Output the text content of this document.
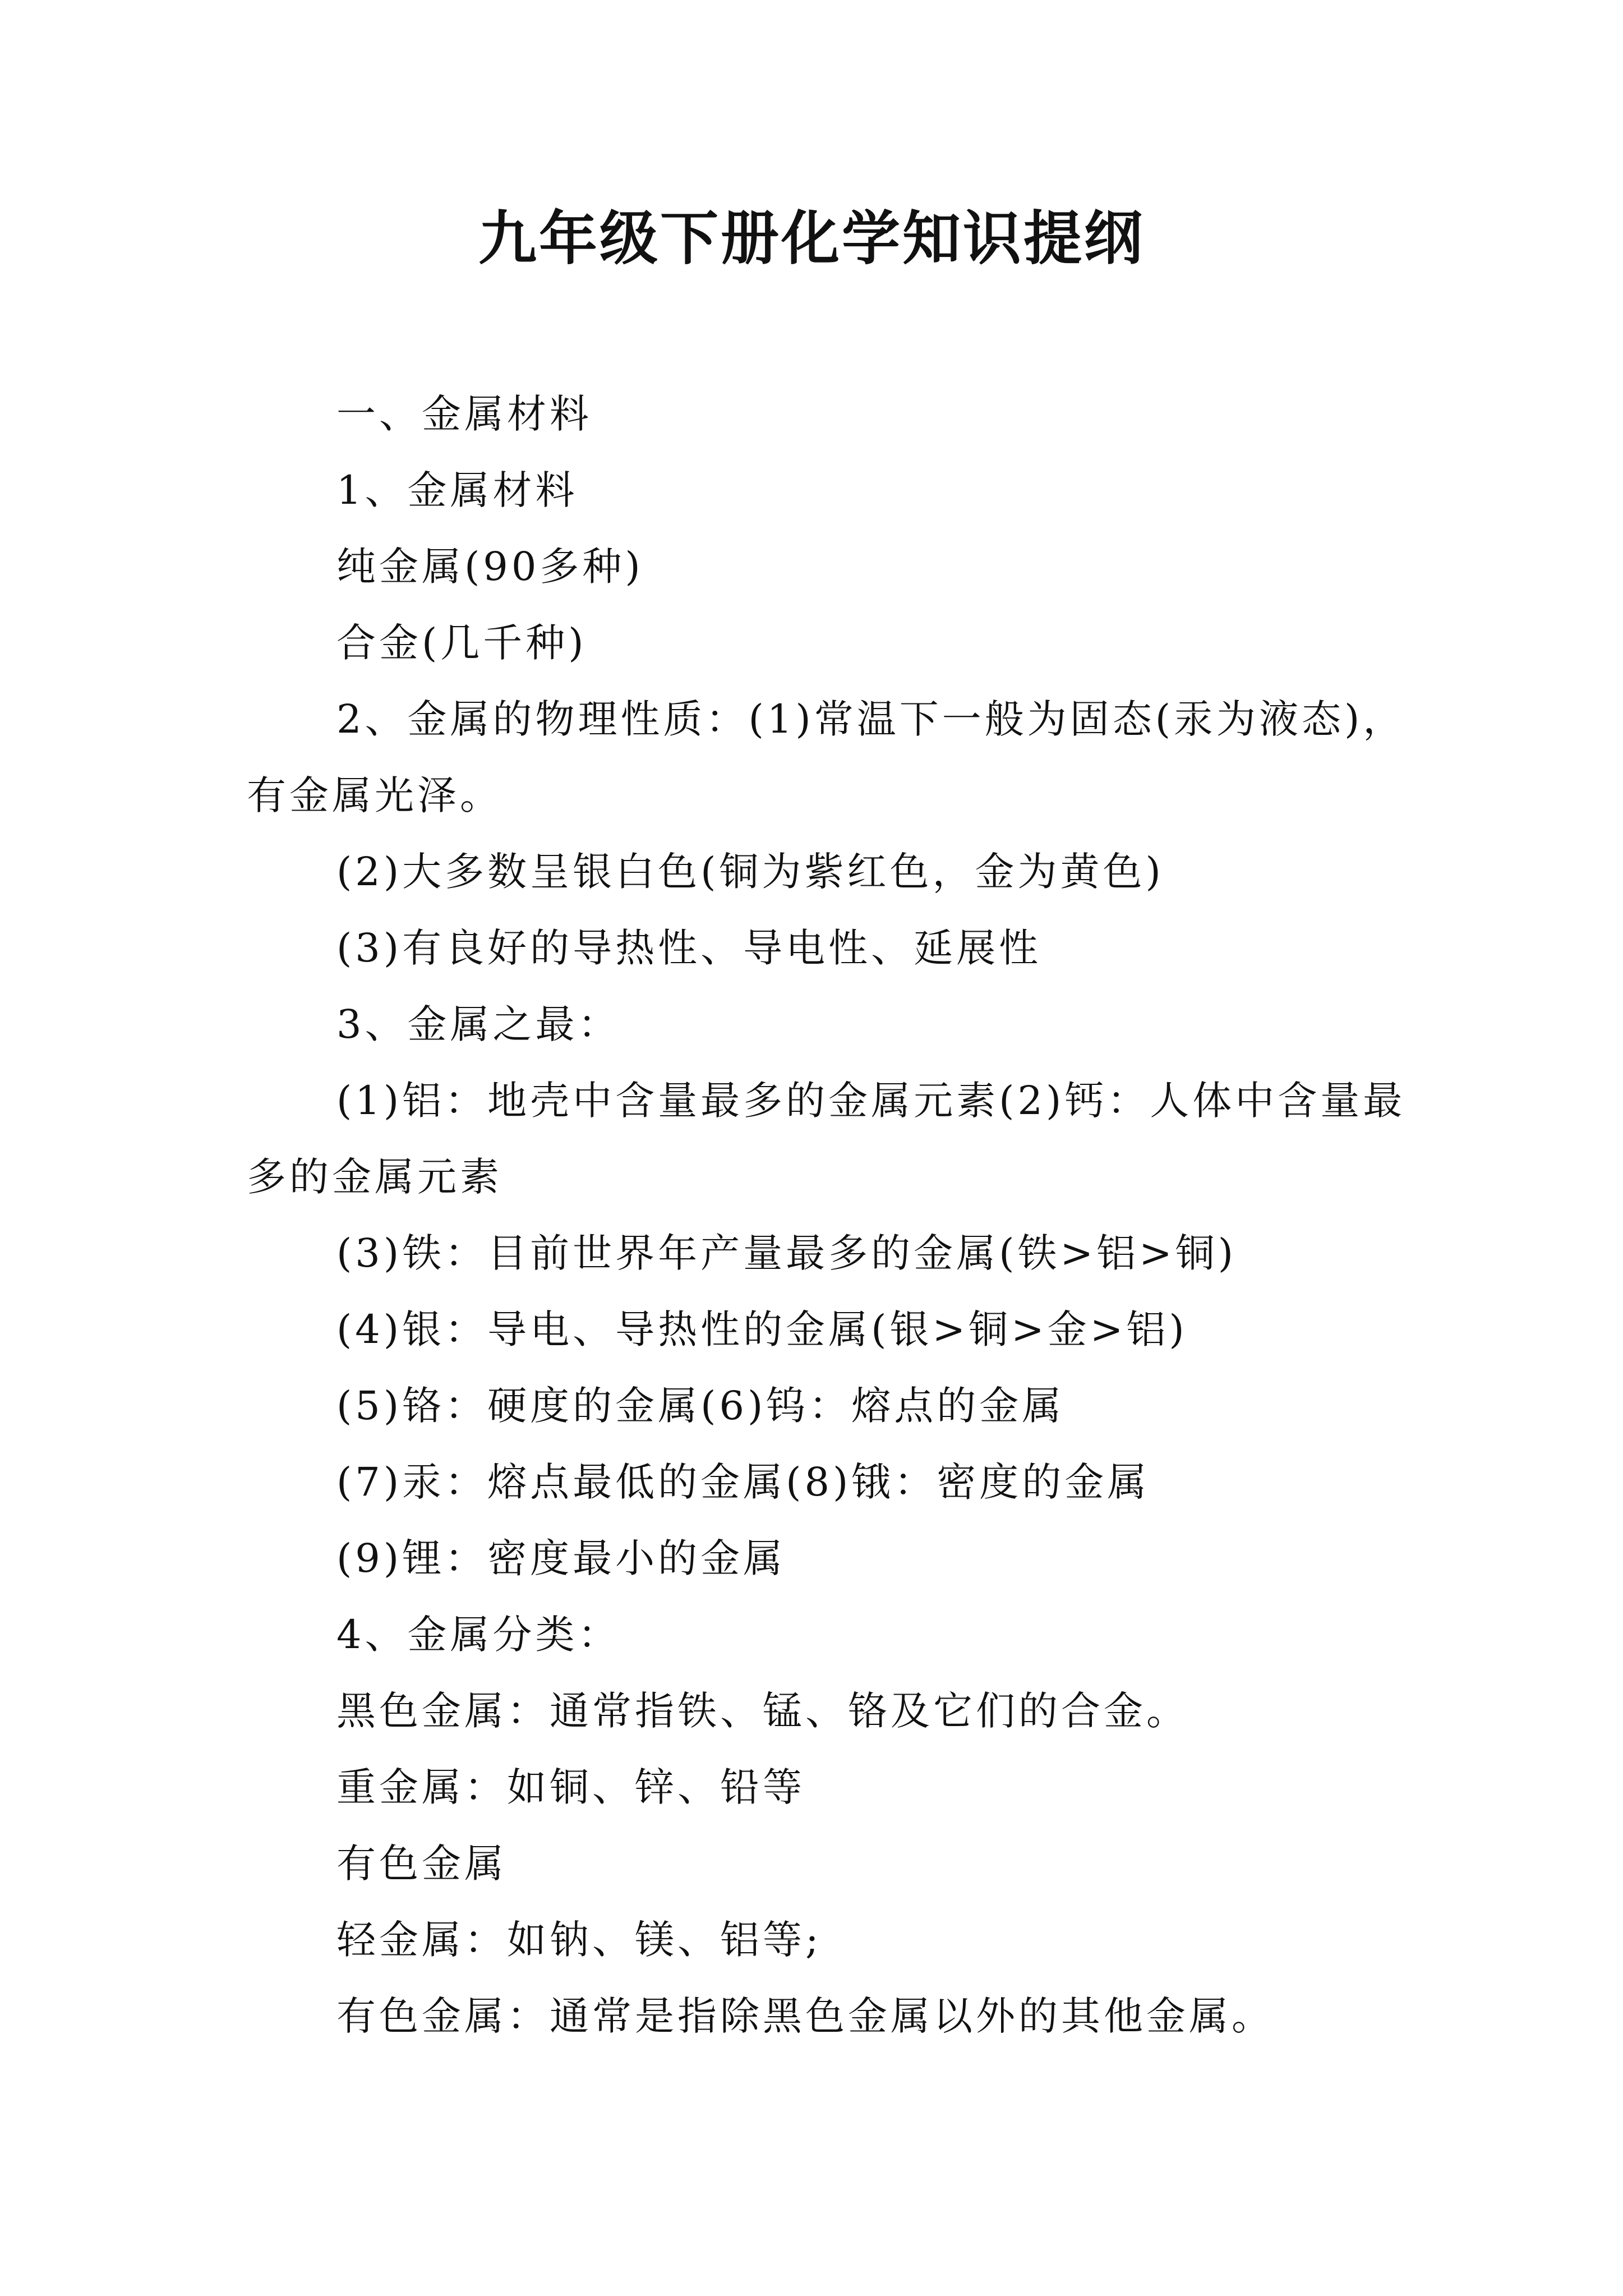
九年级下册化学知识提纲
一、金属材料
1、金属材料
纯金属(90多种)
合金(几千种)
2、金属的物理性质：(1)常温下一般为固态(汞为液态)，有金属光泽。
(2)大多数呈银白色(铜为紫红色，金为黄色)
(3)有良好的导热性、导电性、延展性
3、金属之最：
(1)铝：地壳中含量最多的金属元素(2)钙：人体中含量最多的金属元素
(3)铁：目前世界年产量最多的金属(铁>铝>铜)
(4)银：导电、导热性的金属(银>铜>金>铝)
(5)铬：硬度的金属(6)钨：熔点的金属
(7)汞：熔点最低的金属(8)锇：密度的金属
(9)锂：密度最小的金属
4、金属分类：
黑色金属：通常指铁、锰、铬及它们的合金。
重金属：如铜、锌、铅等
有色金属
轻金属：如钠、镁、铝等;
有色金属：通常是指除黑色金属以外的其他金属。
